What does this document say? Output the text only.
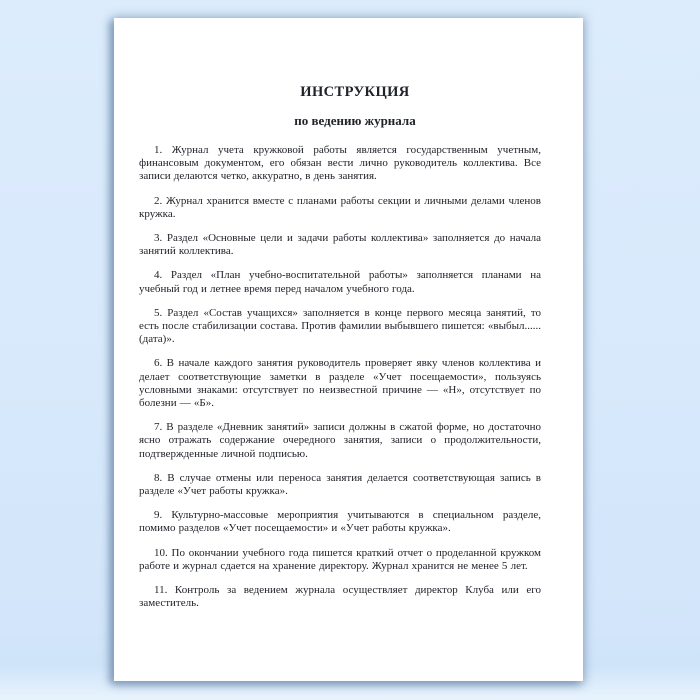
ИНСТРУКЦИЯ
по ведению журнала

1. Журнал учета кружковой работы является государственным учетным, финансовым документом, его обязан вести лично руководитель коллектива. Все записи делаются четко, аккуратно, в день занятия.

2. Журнал хранится вместе с планами работы секции и личными делами членов кружка.

3. Раздел «Основные цели и задачи работы коллектива» заполняется до начала занятий коллектива.

4. Раздел «План учебно-воспитательной работы» заполняется планами на учебный год и летнее время перед началом учебного года.

5. Раздел «Состав учащихся» заполняется в конце первого месяца занятий, то есть после стабилизации состава. Против фамилии выбывшего пишется: «выбыл...... (дата)».

6. В начале каждого занятия руководитель проверяет явку членов коллектива и делает соответствующие заметки в разделе «Учет посещаемости», пользуясь условными знаками: отсутствует по неизвестной причине — «Н», отсутствует по болезни — «Б».

7. В разделе «Дневник занятий» записи должны в сжатой форме, но достаточно ясно отражать содержание очередного занятия, записи о продолжительности, подтвержденные личной подписью.

8. В случае отмены или переноса занятия делается соответствующая запись в разделе «Учет работы кружка».

9. Культурно-массовые мероприятия учитываются в специальном разделе, помимо разделов «Учет посещаемости» и «Учет работы кружка».

10. По окончании учебного года пишется краткий отчет о проделанной кружком работе и журнал сдается на хранение директору. Журнал хранится не менее 5 лет.

11. Контроль за ведением журнала осуществляет директор Клуба или его заместитель.
